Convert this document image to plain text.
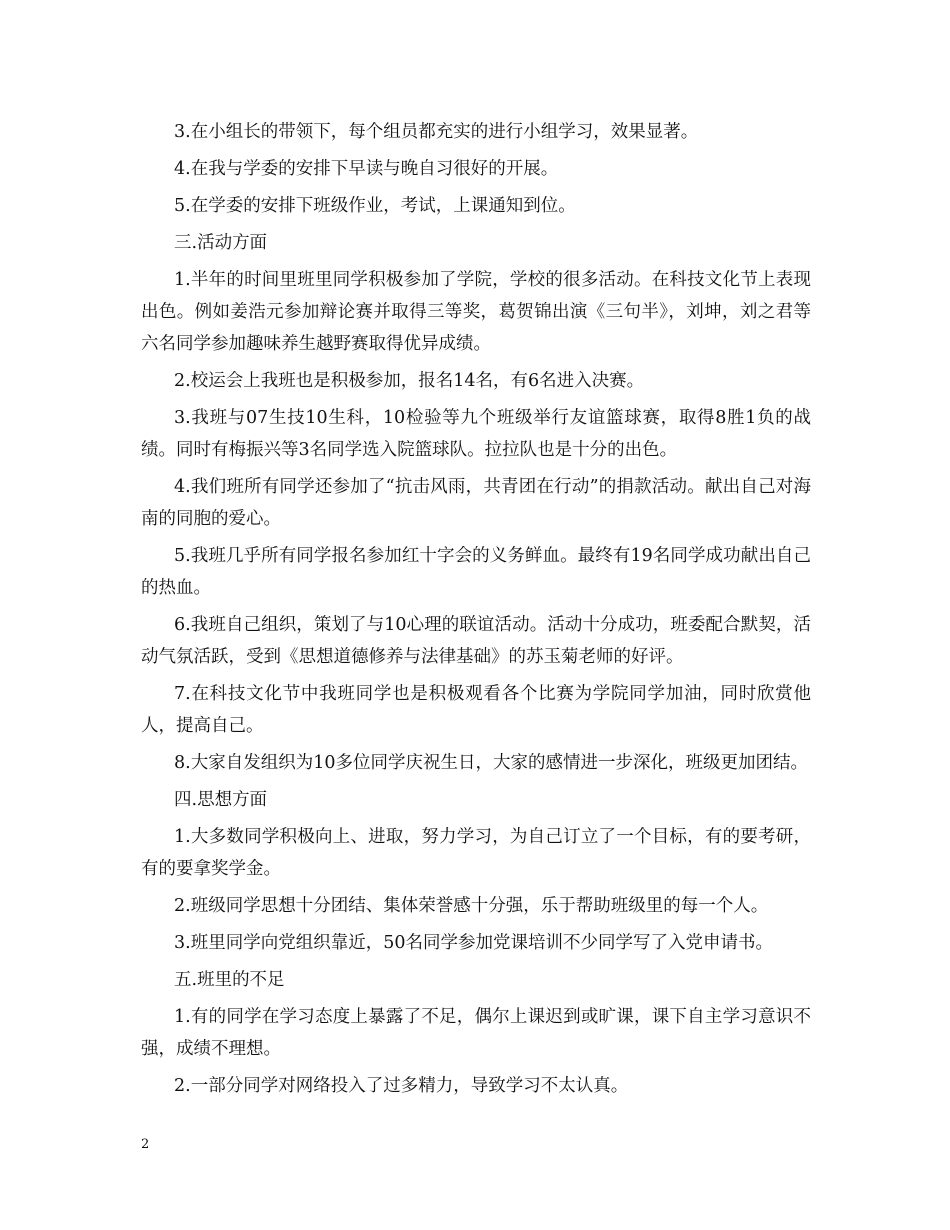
3.在小组长的带领下，每个组员都充实的进行小组学习，效果显著。

4.在我与学委的安排下早读与晚自习很好的开展。

5.在学委的安排下班级作业，考试，上课通知到位。

三.活动方面

1.半年的时间里班里同学积极参加了学院，学校的很多活动。在科技文化节上表现出色。例如姜浩元参加辩论赛并取得三等奖，葛贺锦出演《三句半》，刘坤，刘之君等六名同学参加趣味养生越野赛取得优异成绩。

2.校运会上我班也是积极参加，报名14名，有6名进入决赛。

3.我班与07生技10生科，10检验等九个班级举行友谊篮球赛，取得8胜1负的战绩。同时有梅振兴等3名同学选入院篮球队。拉拉队也是十分的出色。

4.我们班所有同学还参加了“抗击风雨，共青团在行动”的捐款活动。献出自己对海南的同胞的爱心。

5.我班几乎所有同学报名参加红十字会的义务鲜血。最终有19名同学成功献出自己的热血。

6.我班自己组织，策划了与10心理的联谊活动。活动十分成功，班委配合默契，活动气氛活跃，受到《思想道德修养与法律基础》的苏玉菊老师的好评。

7.在科技文化节中我班同学也是积极观看各个比赛为学院同学加油，同时欣赏他人，提高自己。

8.大家自发组织为10多位同学庆祝生日，大家的感情进一步深化，班级更加团结。

四.思想方面

1.大多数同学积极向上、进取，努力学习，为自己订立了一个目标，有的要考研，有的要拿奖学金。

2.班级同学思想十分团结、集体荣誉感十分强，乐于帮助班级里的每一个人。

3.班里同学向党组织靠近，50名同学参加党课培训不少同学写了入党申请书。

五.班里的不足

1.有的同学在学习态度上暴露了不足，偶尔上课迟到或旷课，课下自主学习意识不强，成绩不理想。

2.一部分同学对网络投入了过多精力，导致学习不太认真。

2
